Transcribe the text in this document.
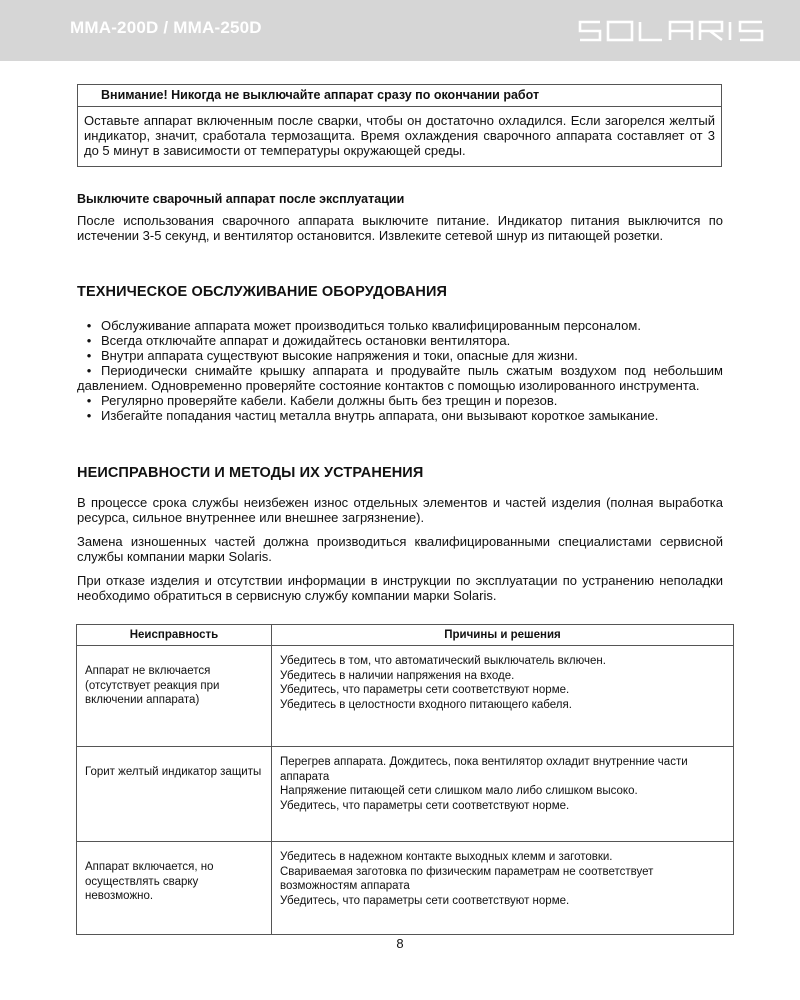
MMA-200D / MMA-250D
Внимание! Никогда не выключайте аппарат сразу по окончании работ

Оставьте аппарат включенным после сварки, чтобы он достаточно охладился. Если загорелся желтый индикатор, значит, сработала термозащита. Время охлаждения сварочного аппарата составляет от 3 до 5 минут в зависимости от температуры окружающей среды.

Выключите сварочный аппарат после эксплуатации

После использования сварочного аппарата выключите питание. Индикатор питания выключится по истечении 3-5 секунд, и вентилятор остановится. Извлеките сетевой шнур из питающей розетки.

ТЕХНИЧЕСКОЕ ОБСЛУЖИВАНИЕ ОБОРУДОВАНИЯ

• Обслуживание аппарата может производиться только квалифицированным персоналом.
• Всегда отключайте аппарат и дожидайтесь остановки вентилятора.
• Внутри аппарата существуют высокие напряжения и токи, опасные для жизни.
• Периодически снимайте крышку аппарата и продувайте пыль сжатым воздухом под небольшим давлением. Одновременно проверяйте состояние контактов с помощью изолированного инструмента.
• Регулярно проверяйте кабели. Кабели должны быть без трещин и порезов.
• Избегайте попадания частиц металла внутрь аппарата, они вызывают короткое замыкание.

НЕИСПРАВНОСТИ И МЕТОДЫ ИХ УСТРАНЕНИЯ

В процессе срока службы неизбежен износ отдельных элементов и частей изделия (полная выработка ресурса, сильное внутреннее или внешнее загрязнение).

Замена изношенных частей должна производиться квалифицированными специалистами сервисной службы компании марки Solaris.

При отказе изделия и отсутствии информации в инструкции по эксплуатации по устранению неполадки необходимо обратиться в сервисную службу компании марки Solaris.

Неисправность	Причины и решения
Аппарат не включается (отсутствует реакция при включении аппарата)	Убедитесь в том, что автоматический выключатель включен.
Убедитесь в наличии напряжения на входе.
Убедитесь, что параметры сети соответствуют норме.
Убедитесь в целостности входного питающего кабеля.

Горит желтый индикатор защиты	Перегрев аппарата. Дождитесь, пока вентилятор охладит внутренние части аппарата
Напряжение питающей сети слишком мало либо слишком высоко.
Убедитесь, что параметры сети соответствуют норме.

Аппарат включается, но осуществлять сварку невозможно.	Убедитесь в надежном контакте выходных клемм и заготовки.
Свариваемая заготовка по физическим параметрам не соответствует возможностям аппарата
Убедитесь, что параметры сети соответствуют норме.
8
